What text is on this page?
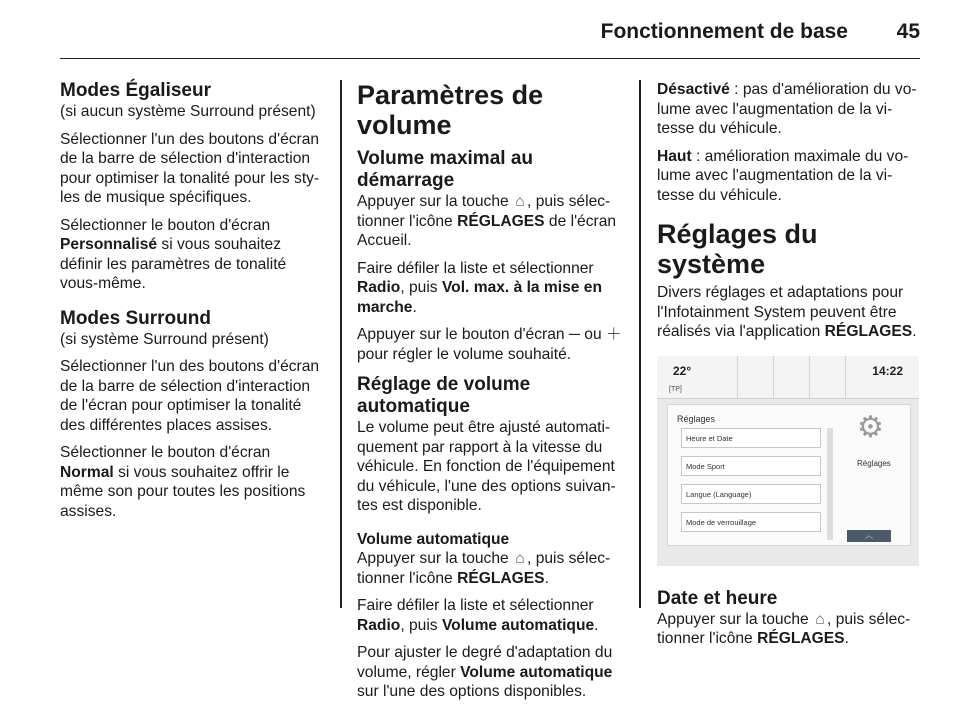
Fonctionnement de base 45
Modes Égaliseur

(si aucun système Surround présent)

Sélectionner l'un des boutons d'écran de la barre de sélection d'interaction pour optimiser la tonalité pour les sty-les de musique spécifiques.

Sélectionner le bouton d'écran Personnalisé si vous souhaitez définir les paramètres de tonalité vous-même.

Modes Surround

(si système Surround présent)

Sélectionner l'un des boutons d'écran de la barre de sélection d'interaction de l'écran pour optimiser la tonalité des différentes places assises.

Sélectionner le bouton d'écran Normal si vous souhaitez offrir le même son pour toutes les positions assises.

Paramètres de volume
Volume maximal au démarrage

Appuyer sur la touche ⌂ , puis sélec-tionner l'icône RÉGLAGES de l'écran Accueil.

Faire défiler la liste et sélectionner Radio, puis Vol. max. à la mise en marche.

Appuyer sur le bouton d'écran ─ ou ＋ pour régler le volume souhaité.

Réglage de volume automatique

Le volume peut être ajusté automati-quement par rapport à la vitesse du véhicule. En fonction de l'équipement du véhicule, l'une des options suivan-tes est disponible.

Volume automatique

Appuyer sur la touche ⌂ , puis sélec-tionner l'icône RÉGLAGES.

Faire défiler la liste et sélectionner Radio, puis Volume automatique.

Pour ajuster le degré d'adaptation du volume, régler Volume automatique sur l'une des options disponibles.

Désactivé : pas d'amélioration du vo-lume avec l'augmentation de la vi-tesse du véhicule.

Haut : amélioration maximale du vo-lume avec l'augmentation de la vi-tesse du véhicule.

Réglages du système

Divers réglages et adaptations pour l'Infotainment System peuvent être réalisés via l'application RÉGLAGES.

22°
[TP]
14:22
Réglages
Heure et Date
Mode Sport
Langue (Language)
Mode de verrouillage
⚙
Réglages
︿
Date et heure

Appuyer sur la touche ⌂ , puis sélec-tionner l'icône RÉGLAGES.
